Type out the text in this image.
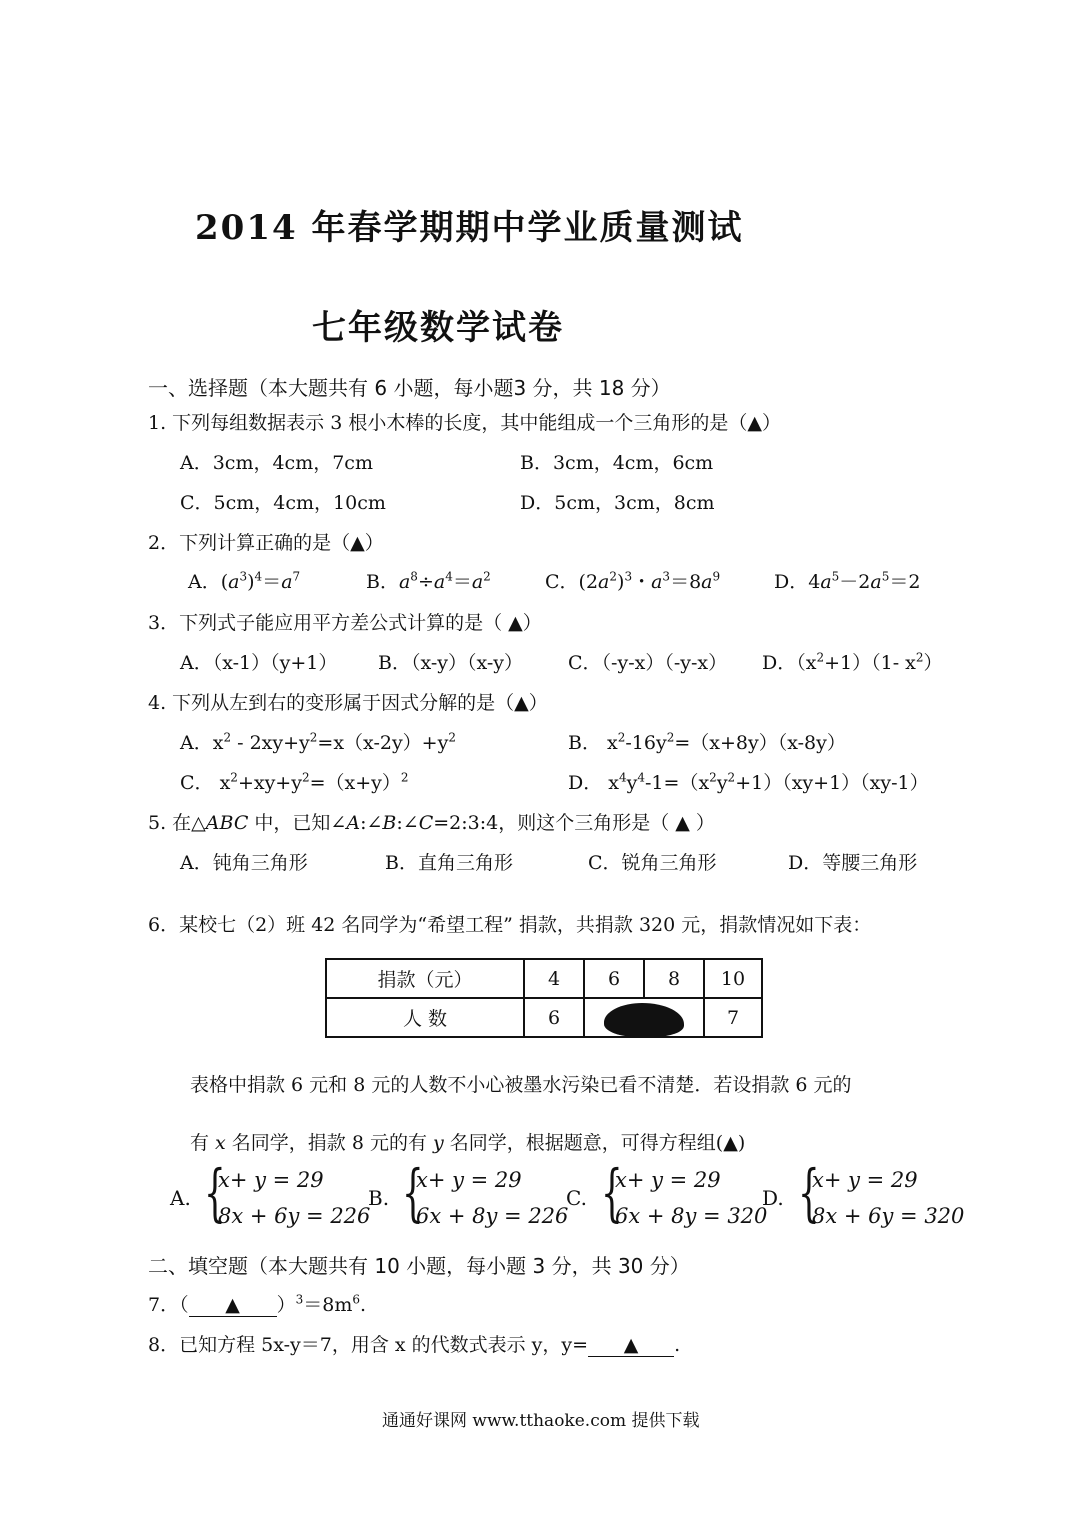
2014 年春学期期中学业质量测试
七年级数学试卷
一、选择题（本大题共有 6 小题，每小题3 分，共 18 分）
1. 下列每组数据表示 3 根小木棒的长度，其中能组成一个三角形的是（▲）
A．3cm，4cm，7cm	B．3cm，4cm，6cm
C．5cm，4cm，10cm	D．5cm，3cm，8cm
2．下列计算正确的是（▲）
A．$(a^3)^4=a^7$	B．$a^8\div a^4=a^2$	C．$(2a^2)^3$・$a^3=8a^9$	D．$4a^5-2a^5=2$
3．下列式子能应用平方差公式计算的是（ ▲）
A．（x-1）（y+1） B．（x-y）（x-y） C．（-y-x）（-y-x） D．$(x^2+1)(1-$ $x^2$）
4. 下列从左到右的变形属于因式分解的是（▲）
A．$x^2 - 2xy+y^2=x(x-2y)+y^2$	B． $x^2-16y^2=(x+8y)(x-8y)$
C． $x^2+xy+y^2=(x+y)^2$	D． $x^4y^4-1=(x^2y^2+1)(xy+1)(xy-1)$
5. 在△ABC 中，已知∠A:∠B:∠C=2:3:4，则这个三角形是（ ▲ ）
A．钝角三角形	B．直角三角形	C．锐角三角形	D．等腰三角形
6．某校七（2）班 42 名同学为“希望工程” 捐款，共捐款 320 元，捐款情况如下表：
捐款（元）	4	6	8	10
人 数	6			7
表格中捐款 6 元和 8 元的人数不小心被墨水污染已看不清楚．若设捐款 6 元的
有 x 名同学，捐款 8 元的有 y 名同学，根据题意，可得方程组(▲)
A. {
x+ y = 29
8x + 6y = 226
B. {
x+ y = 29
6x + 8y = 226
C. {
x+ y = 29
6x + 8y = 320
D. {
x+ y = 29
8x + 6y = 320
二、填空题（本大题共有 10 小题，每小题 3 分，共 30 分）
7．（ ▲ ）$^3=8m^6$.
8．已知方程 5x-y＝7，用含 x 的代数式表示 y，y= ▲ .
通通好课网 www.tthaoke.com 提供下载
